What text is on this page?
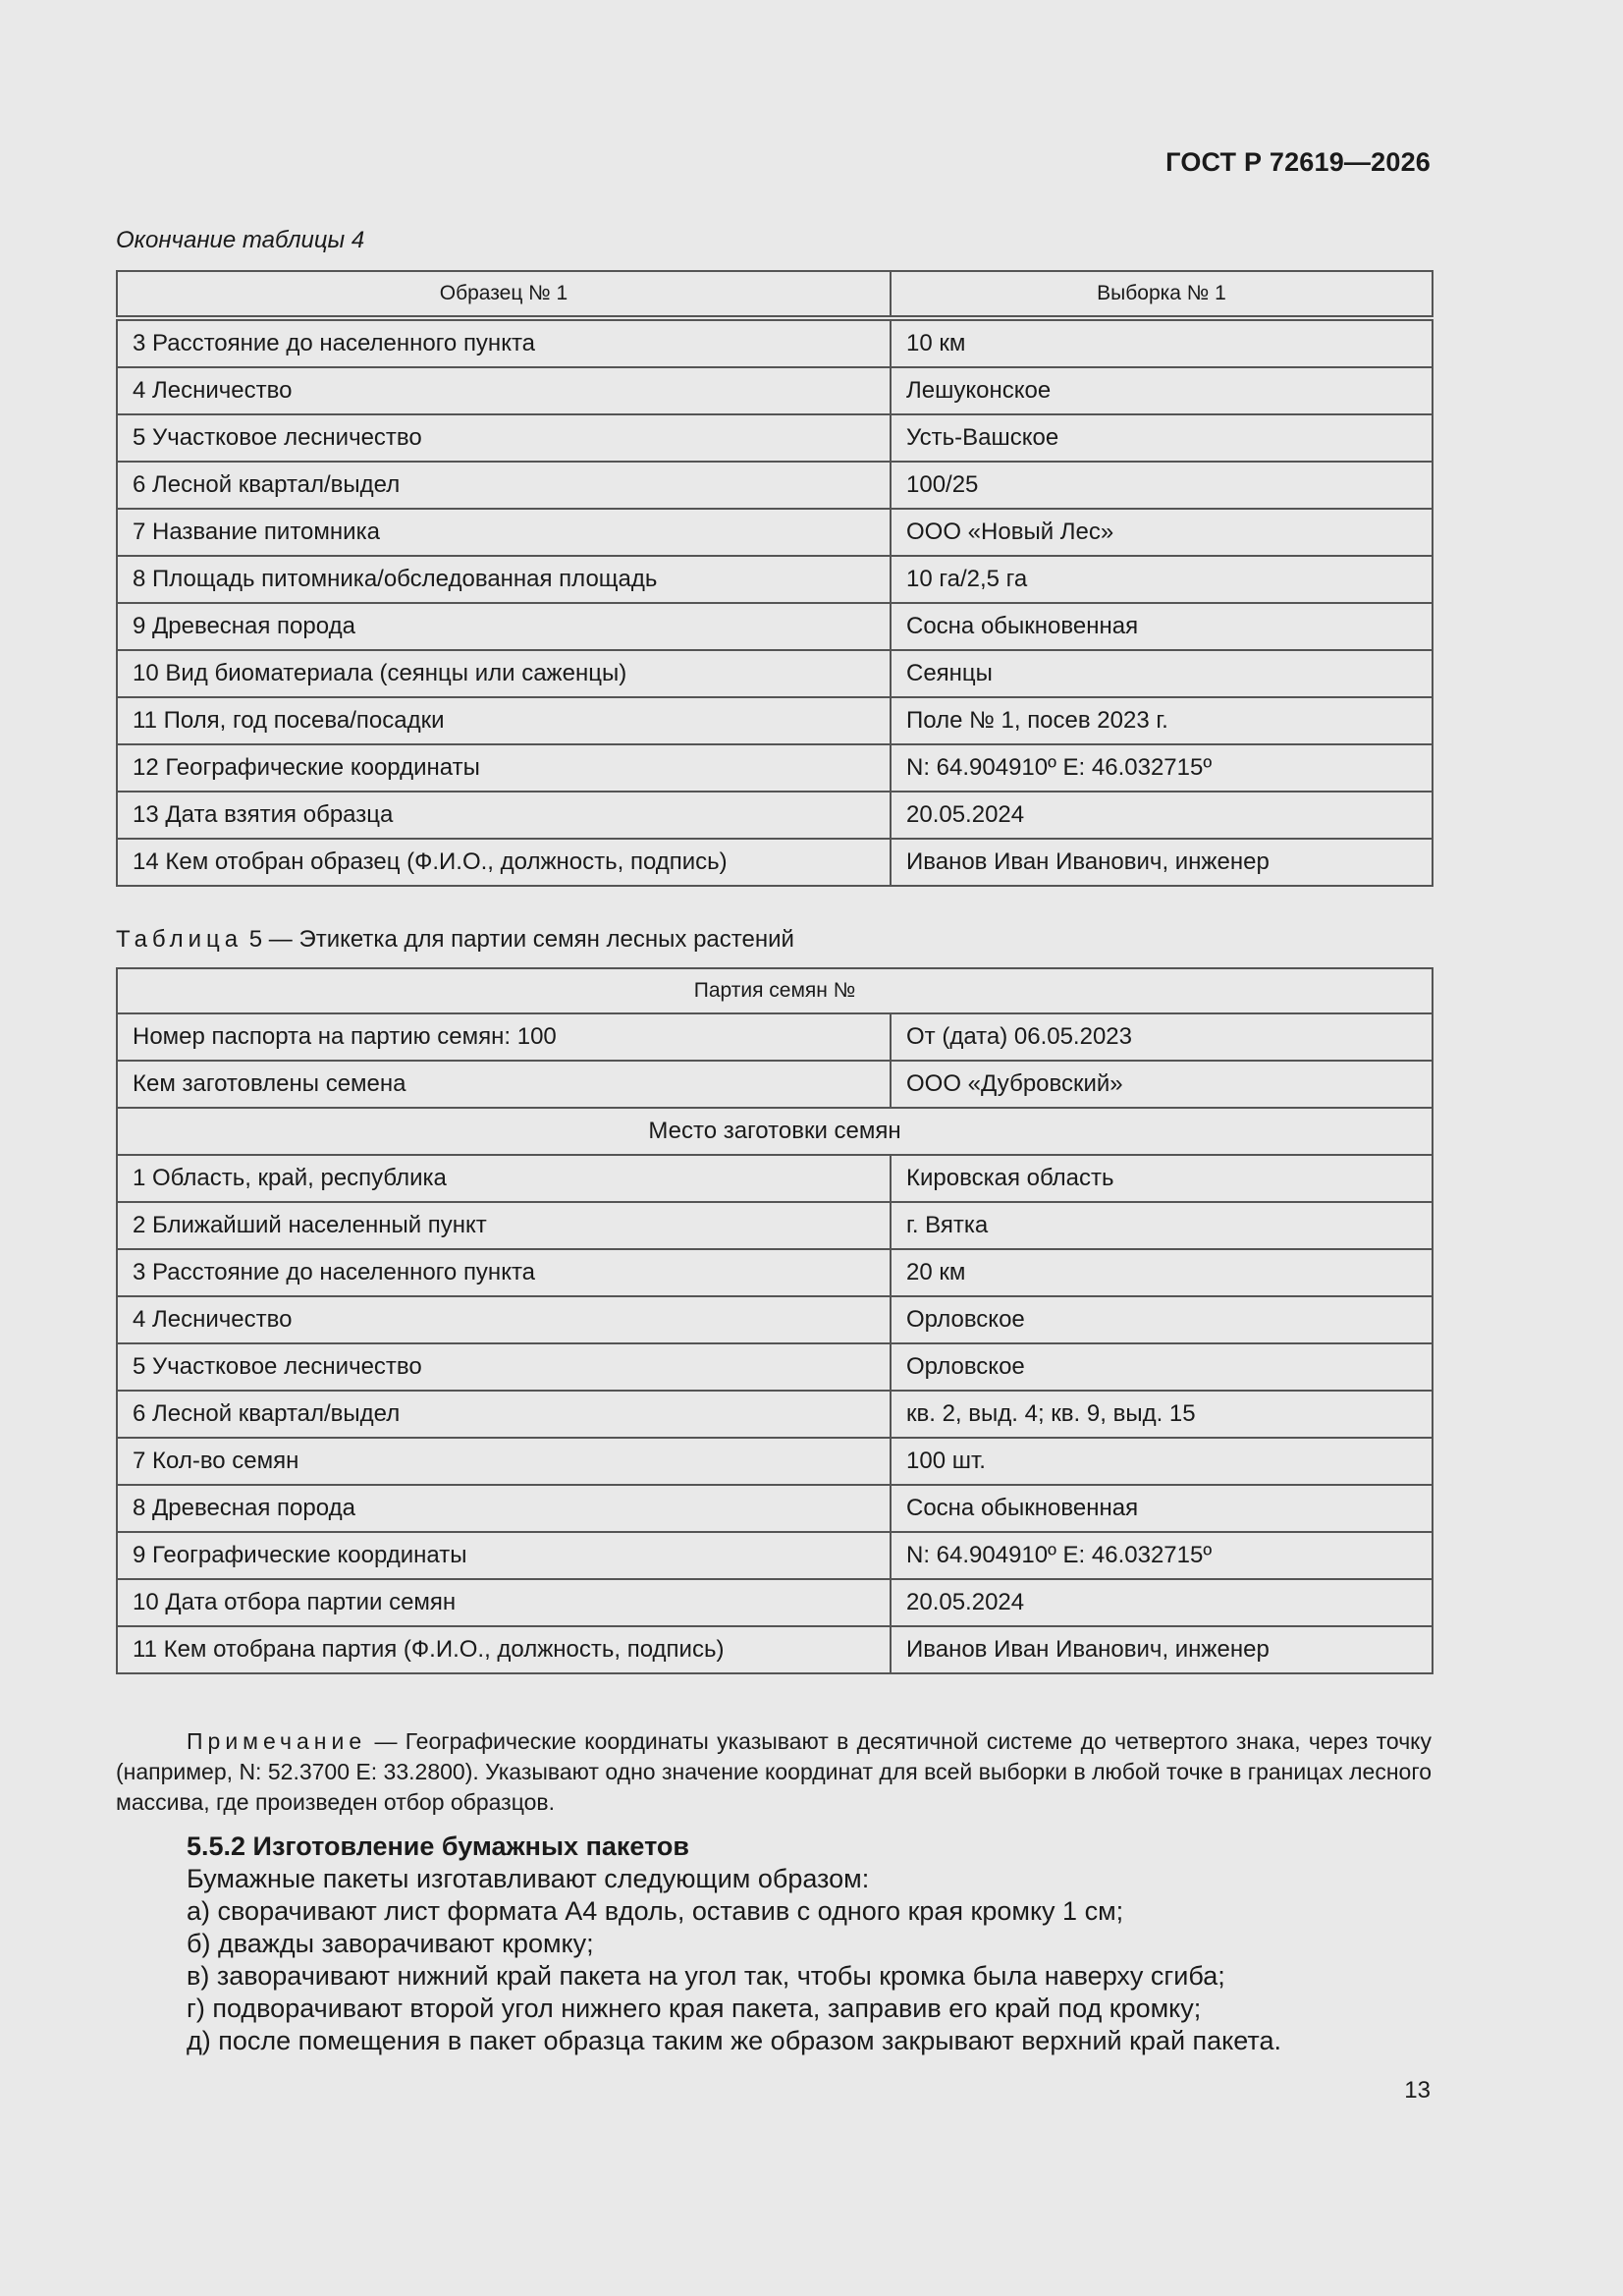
ГОСТ Р 72619—2026
Окончание таблицы 4
Образец № 1	Выборка № 1
3 Расстояние до населенного пункта	10 км
4 Лесничество	Лешуконское
5 Участковое лесничество	Усть-Вашское
6 Лесной квартал/выдел	100/25
7 Название питомника	ООО «Новый Лес»
8 Площадь питомника/обследованная площадь	10 га/2,5 га
9 Древесная порода	Сосна обыкновенная
10 Вид биоматериала (сеянцы или саженцы)	Сеянцы
11 Поля, год посева/посадки	Поле № 1, посев 2023 г.
12 Географические координаты	N: 64.904910º E: 46.032715º
13 Дата взятия образца	20.05.2024
14 Кем отобран образец (Ф.И.О., должность, подпись)	Иванов Иван Иванович, инженер
Таблица 5 — Этикетка для партии семян лесных растений
Партия семян №	
Номер паспорта на партию семян: 100	От (дата) 06.05.2023
Кем заготовлены семена	ООО «Дубровский»
Место заготовки семян	
1 Область, край, республика	Кировская область
2 Ближайший населенный пункт	г. Вятка
3 Расстояние до населенного пункта	20 км
4 Лесничество	Орловское
5 Участковое лесничество	Орловское
6 Лесной квартал/выдел	кв. 2, выд. 4; кв. 9, выд. 15
7 Кол-во семян	100 шт.
8 Древесная порода	Сосна обыкновенная
9 Географические координаты	N: 64.904910º E: 46.032715º
10 Дата отбора партии семян	20.05.2024
11 Кем отобрана партия (Ф.И.О., должность, подпись)	Иванов Иван Иванович, инженер
Примечание — Географические координаты указывают в десятичной системе до четвертого знака, через точку (например, N: 52.3700 E: 33.2800). Указывают одно значение координат для всей выборки в любой точке в границах лесного массива, где произведен отбор образцов.
5.5.2 Изготовление бумажных пакетов
Бумажные пакеты изготавливают следующим образом:
а) сворачивают лист формата А4 вдоль, оставив с одного края кромку 1 см;
б) дважды заворачивают кромку;
в) заворачивают нижний край пакета на угол так, чтобы кромка была наверху сгиба;
г) подворачивают второй угол нижнего края пакета, заправив его край под кромку;
д) после помещения в пакет образца таким же образом закрывают верхний край пакета.
13
